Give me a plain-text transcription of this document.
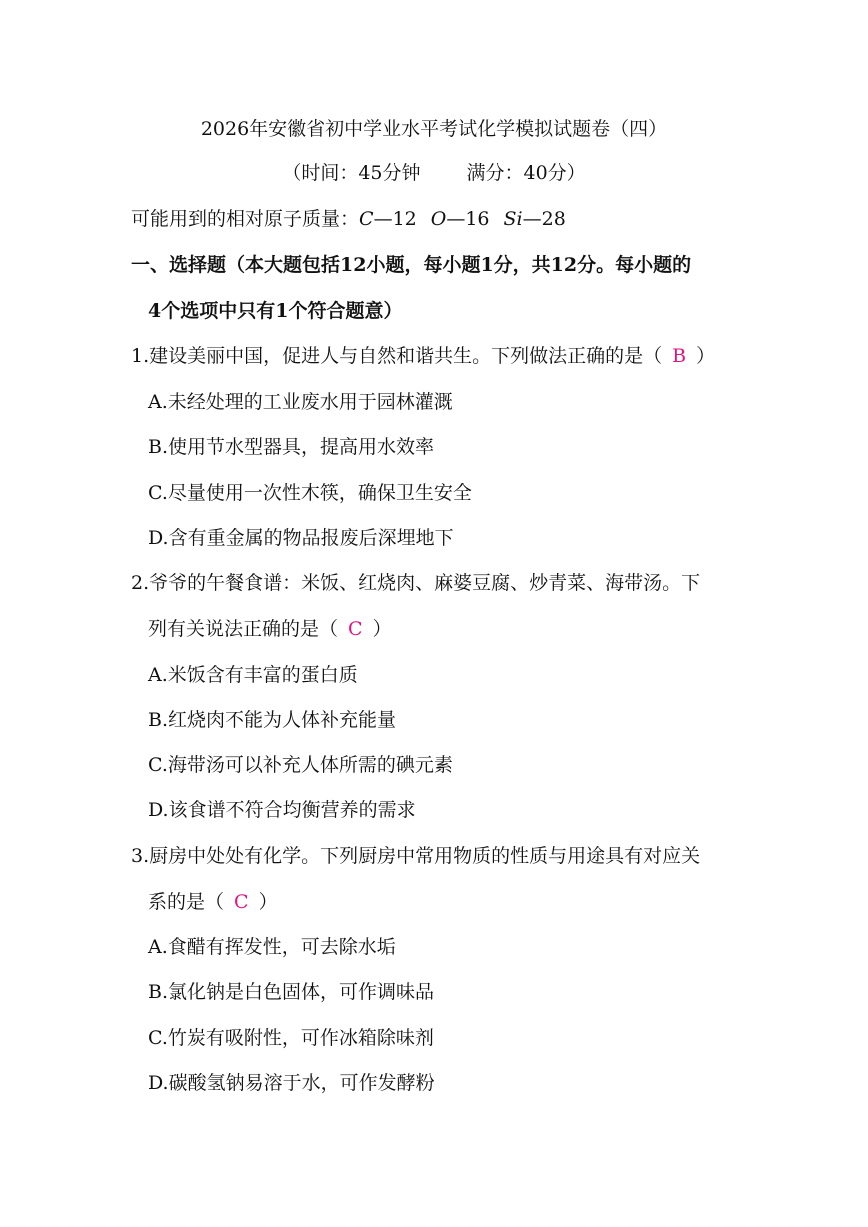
2026年安徽省初中学业水平考试化学模拟试题卷（四）
（时间：45分钟 满分：40分）
可能用到的相对原子质量：C—12 O—16 Si—28
一、选择题（本大题包括12小题，每小题1分，共12分。每小题的
4个选项中只有1个符合题意）
1.建设美丽中国，促进人与自然和谐共生。下列做法正确的是（ B ）
A.未经处理的工业废水用于园林灌溉
B.使用节水型器具，提高用水效率
C.尽量使用一次性木筷，确保卫生安全
D.含有重金属的物品报废后深埋地下
2.爷爷的午餐食谱：米饭、红烧肉、麻婆豆腐、炒青菜、海带汤。下
列有关说法正确的是（ C ）
A.米饭含有丰富的蛋白质
B.红烧肉不能为人体补充能量
C.海带汤可以补充人体所需的碘元素
D.该食谱不符合均衡营养的需求
3.厨房中处处有化学。下列厨房中常用物质的性质与用途具有对应关
系的是（ C ）
A.食醋有挥发性，可去除水垢
B.氯化钠是白色固体，可作调味品
C.竹炭有吸附性，可作冰箱除味剂
D.碳酸氢钠易溶于水，可作发酵粉
